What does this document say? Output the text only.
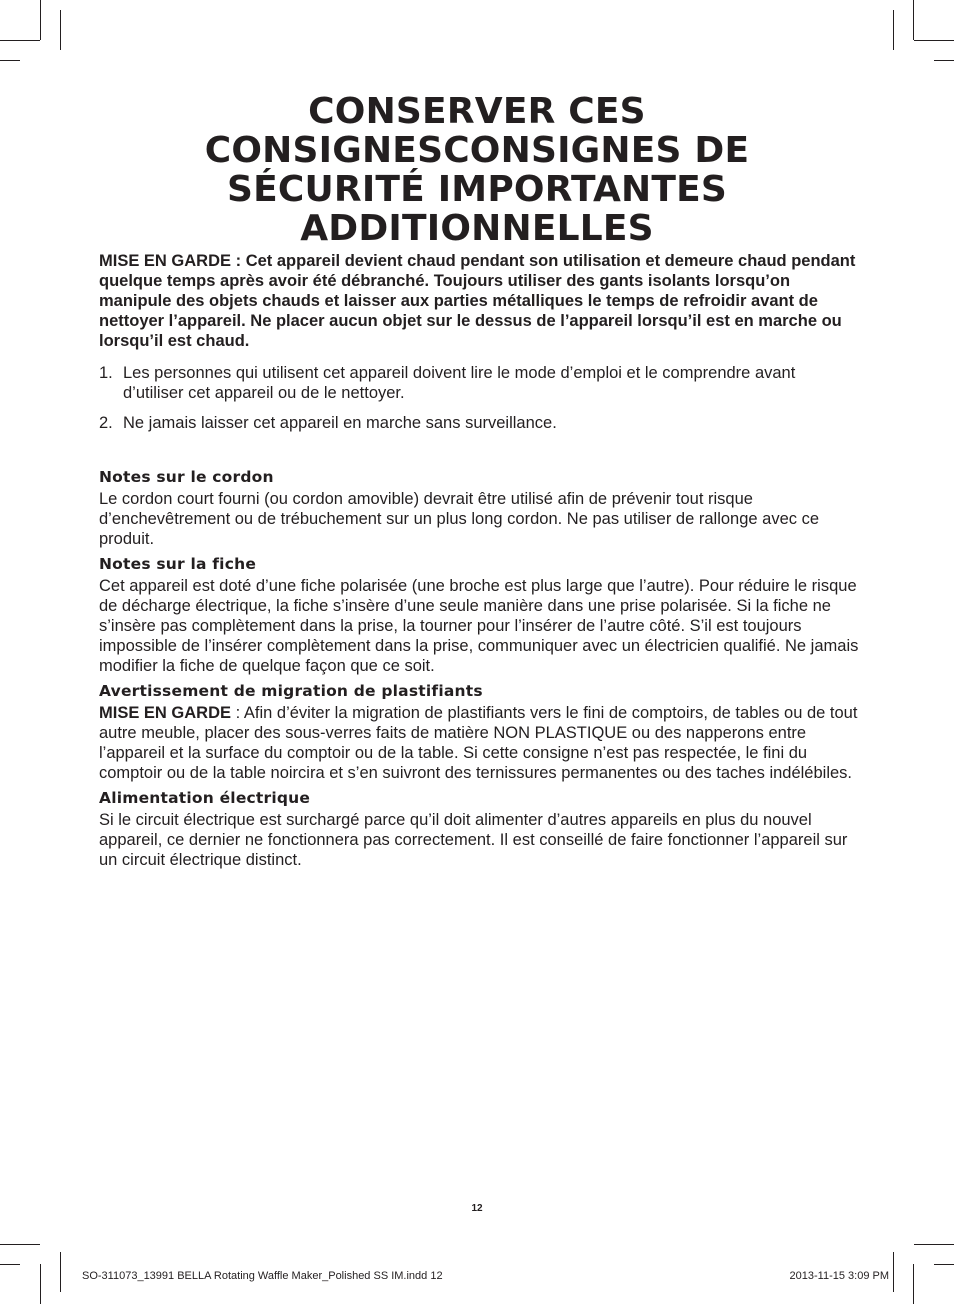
CONSERVER CES
CONSIGNESCONSIGNES DE
SÉCURITÉ IMPORTANTES
ADDITIONNELLES

MISE EN GARDE : Cet appareil devient chaud pendant son utilisation et demeure chaud pendant quelque temps après avoir été débranché. Toujours utiliser des gants isolants lorsqu’on manipule des objets chauds et laisser aux parties métalliques le temps de refroidir avant de nettoyer l’appareil. Ne placer aucun objet sur le dessus de l’appareil lorsqu’il est en marche ou lorsqu’il est chaud.

1. Les personnes qui utilisent cet appareil doivent lire le mode d’emploi et le comprendre avant d’utiliser cet appareil ou de le nettoyer.
2. Ne jamais laisser cet appareil en marche sans surveillance.
Notes sur le cordon

Le cordon court fourni (ou cordon amovible) devrait être utilisé afin de prévenir tout risque d’enchevêtrement ou de trébuchement sur un plus long cordon. Ne pas utiliser de rallonge avec ce produit.

Notes sur la fiche

Cet appareil est doté d’une fiche polarisée (une broche est plus large que l’autre). Pour réduire le risque de décharge électrique, la fiche s’insère d’une seule manière dans une prise polarisée. Si la fiche ne s’insère pas complètement dans la prise, la tourner pour l’insérer de l’autre côté. S’il est toujours impossible de l’insérer complètement dans la prise, communiquer avec un électricien qualifié. Ne jamais modifier la fiche de quelque façon que ce soit.

Avertissement de migration de plastifiants

MISE EN GARDE : Afin d’éviter la migration de plastifiants vers le fini de comptoirs, de tables ou de tout autre meuble, placer des sous-verres faits de matière NON PLASTIQUE ou des napperons entre l’appareil et la surface du comptoir ou de la table. Si cette consigne n’est pas respectée, le fini du comptoir ou de la table noircira et s’en suivront des ternissures permanentes ou des taches indélébiles.

Alimentation électrique

Si le circuit électrique est surchargé parce qu’il doit alimenter d’autres appareils en plus du nouvel appareil, ce dernier ne fonctionnera pas correctement. Il est conseillé de faire fonctionner l’appareil sur un circuit électrique distinct.

12
SO-311073_13991 BELLA Rotating Waffle Maker_Polished SS IM.indd 12	2013-11-15 3:09 PM
